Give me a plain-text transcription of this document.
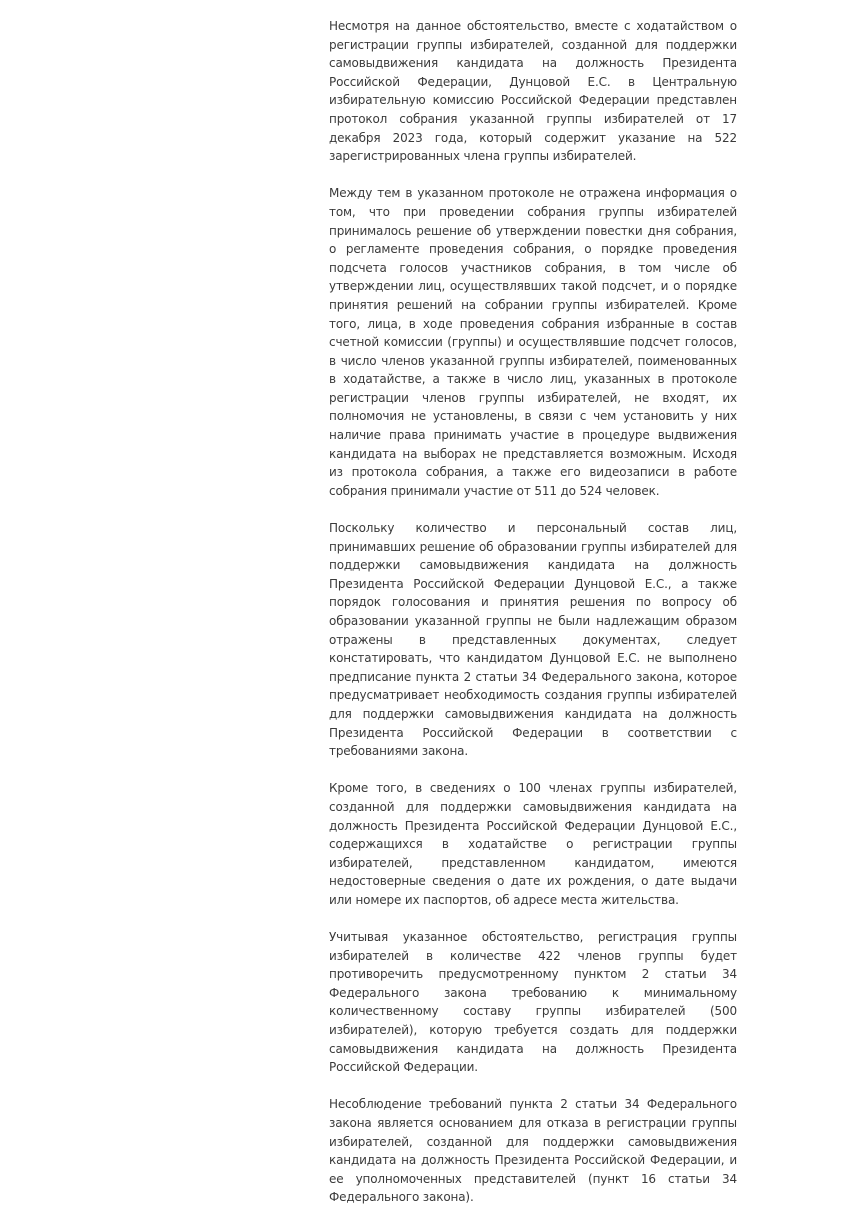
Несмотря на данное обстоятельство, вместе с ходатайством о регистрации группы избирателей, созданной для поддержки самовыдвижения кандидата на должность Президента Российской Федерации, Дунцовой Е.С. в Центральную избирательную комиссию Российской Федерации представлен протокол собрания указанной группы избирателей от 17 декабря 2023 года, который содержит указание на 522 зарегистрированных члена группы избирателей.

Между тем в указанном протоколе не отражена информация о том, что при проведении собрания группы избирателей принималось решение об утверждении повестки дня собрания, о регламенте проведения собрания, о порядке проведения подсчета голосов участников собрания, в том числе об утверждении лиц, осуществлявших такой подсчет, и о порядке принятия решений на собрании группы избирателей. Кроме того, лица, в ходе проведения собрания избранные в состав счетной комиссии (группы) и осуществлявшие подсчет голосов, в число членов указанной группы избирателей, поименованных в ходатайстве, а также в число лиц, указанных в протоколе регистрации членов группы избирателей, не входят, их полномочия не установлены, в связи с чем установить у них наличие права принимать участие в процедуре выдвижения кандидата на выборах не представляется возможным. Исходя из протокола собрания, а также его видеозаписи в работе собрания принимали участие от 511 до 524 человек.

Поскольку количество и персональный состав лиц, принимавших решение об образовании группы избирателей для поддержки самовыдвижения кандидата на должность Президента Российской Федерации Дунцовой Е.С., а также порядок голосования и принятия решения по вопросу об образовании указанной группы не были надлежащим образом отражены в представленных документах, следует констатировать, что кандидатом Дунцовой Е.С. не выполнено предписание пункта 2 статьи 34 Федерального закона, которое предусматривает необходимость создания группы избирателей для поддержки самовыдвижения кандидата на должность Президента Российской Федерации в соответствии с требованиями закона.

Кроме того, в сведениях о 100 членах группы избирателей, созданной для поддержки самовыдвижения кандидата на должность Президента Российской Федерации Дунцовой Е.С., содержащихся в ходатайстве о регистрации группы избирателей, представленном кандидатом, имеются недостоверные сведения о дате их рождения, о дате выдачи или номере их паспортов, об адресе места жительства.

Учитывая указанное обстоятельство, регистрация группы избирателей в количестве 422 членов группы будет противоречить предусмотренному пунктом 2 статьи 34 Федерального закона требованию к минимальному количественному составу группы избирателей (500 избирателей), которую требуется создать для поддержки самовыдвижения кандидата на должность Президента Российской Федерации.

Несоблюдение требований пункта 2 статьи 34 Федерального закона является основанием для отказа в регистрации группы избирателей, созданной для поддержки самовыдвижения кандидата на должность Президента Российской Федерации, и ее уполномоченных представителей (пункт 16 статьи 34 Федерального закона).
